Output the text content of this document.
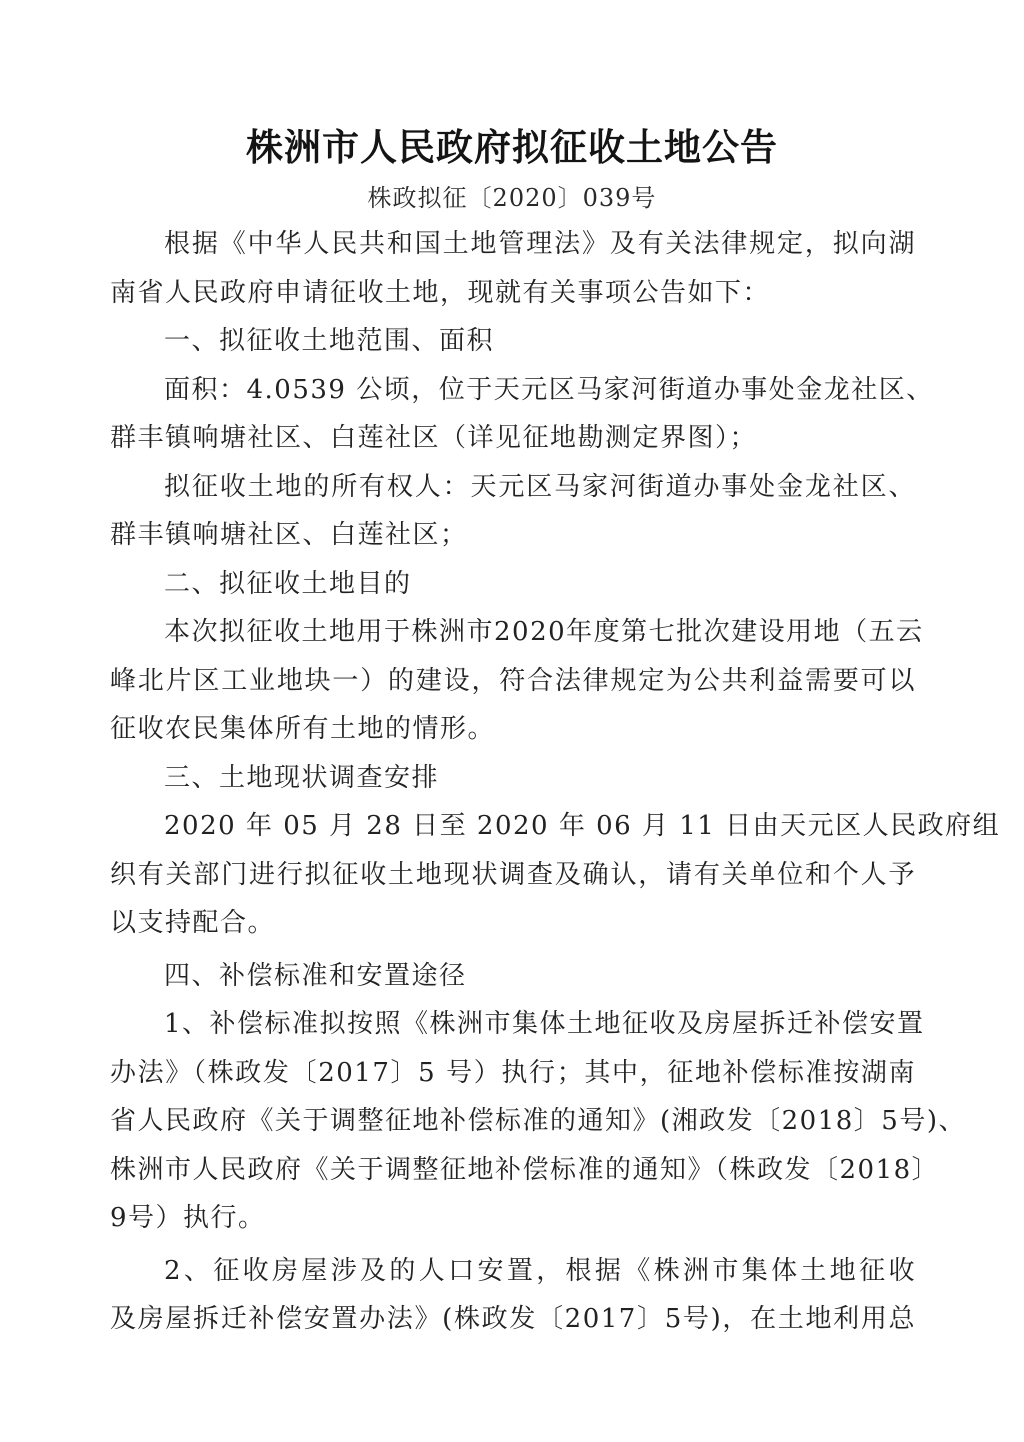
株洲市人民政府拟征收土地公告
株政拟征〔2020〕039号
根据《中华人民共和国土地管理法》及有关法律规定，拟向湖
南省人民政府申请征收土地，现就有关事项公告如下：
一、拟征收土地范围、面积
面积：4.0539 公顷，位于天元区马家河街道办事处金龙社区、
群丰镇响塘社区、白莲社区（详见征地勘测定界图）；
拟征收土地的所有权人：天元区马家河街道办事处金龙社区、
群丰镇响塘社区、白莲社区；
二、拟征收土地目的
本次拟征收土地用于株洲市2020年度第七批次建设用地（五云
峰北片区工业地块一）的建设，符合法律规定为公共利益需要可以
征收农民集体所有土地的情形。
三、土地现状调查安排
2020 年 05 月 28 日至 2020 年 06 月 11 日由天元区人民政府组
织有关部门进行拟征收土地现状调查及确认，请有关单位和个人予
以支持配合。
四、补偿标准和安置途径
1、补偿标准拟按照《株洲市集体土地征收及房屋拆迁补偿安置
办法》（株政发〔2017〕5 号）执行；其中，征地补偿标准按湖南
省人民政府《关于调整征地补偿标准的通知》(湘政发〔2018〕5号)、
株洲市人民政府《关于调整征地补偿标准的通知》（株政发〔2018〕
9号）执行。
2、征收房屋涉及的人口安置，根据《株洲市集体土地征收
及房屋拆迁补偿安置办法》(株政发〔2017〕5号)，在土地利用总
